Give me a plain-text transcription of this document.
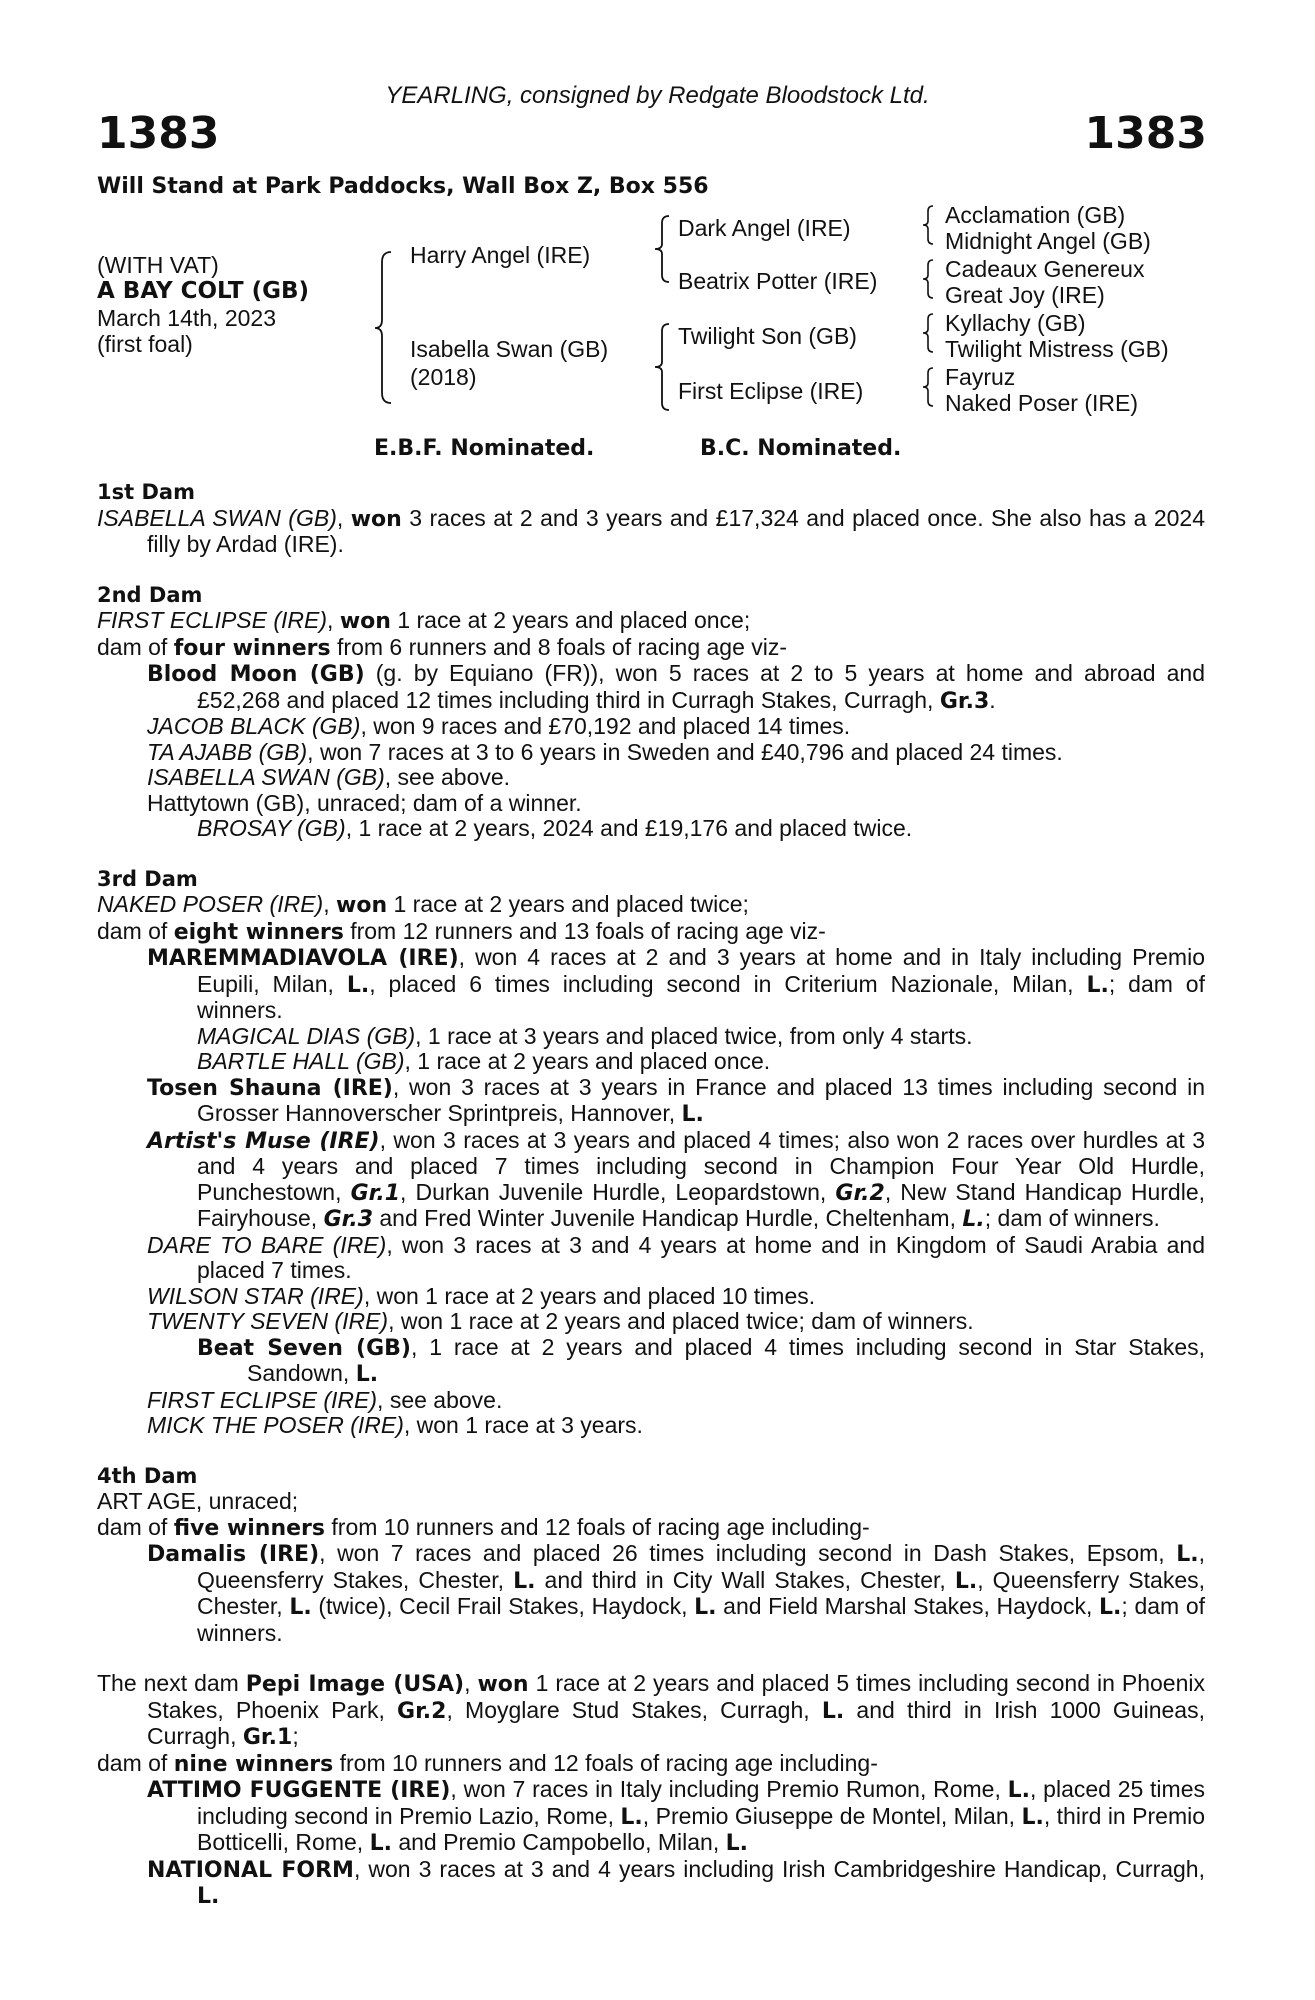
YEARLING, consigned by Redgate Bloodstock Ltd.
1383	1383
Will Stand at Park Paddocks, Wall Box Z, Box 556
(WITH VAT)
A BAY COLT (GB)
March 14th, 2023
(first foal)
Harry Angel (IRE)
Isabella Swan (GB)
(2018)
Dark Angel (IRE)
Beatrix Potter (IRE)
Twilight Son (GB)
First Eclipse (IRE)
Acclamation (GB)
Midnight Angel (GB)
Cadeaux Genereux
Great Joy (IRE)
Kyllachy (GB)
Twilight Mistress (GB)
Fayruz
Naked Poser (IRE)
E.B.F. Nominated.	B.C. Nominated.

1st Dam

ISABELLA SWAN (GB), won 3 races at 2 and 3 years and £17,324 and placed once. She also has a 2024 filly by Ardad (IRE).

2nd Dam

FIRST ECLIPSE (IRE), won 1 race at 2 years and placed once;

dam of four winners from 6 runners and 8 foals of racing age viz-

Blood Moon (GB) (g. by Equiano (FR)), won 5 races at 2 to 5 years at home and abroad and £52,268 and placed 12 times including third in Curragh Stakes, Curragh, Gr.3.

JACOB BLACK (GB), won 9 races and £70,192 and placed 14 times.

TA AJABB (GB), won 7 races at 3 to 6 years in Sweden and £40,796 and placed 24 times.

ISABELLA SWAN (GB), see above.

Hattytown (GB), unraced; dam of a winner.

BROSAY (GB), 1 race at 2 years, 2024 and £19,176 and placed twice.

3rd Dam

NAKED POSER (IRE), won 1 race at 2 years and placed twice;

dam of eight winners from 12 runners and 13 foals of racing age viz-

MAREMMADIAVOLA (IRE), won 4 races at 2 and 3 years at home and in Italy including Premio Eupili, Milan, L., placed 6 times including second in Criterium Nazionale, Milan, L.; dam of winners.

MAGICAL DIAS (GB), 1 race at 3 years and placed twice, from only 4 starts.

BARTLE HALL (GB), 1 race at 2 years and placed once.

Tosen Shauna (IRE), won 3 races at 3 years in France and placed 13 times including second in Grosser Hannoverscher Sprintpreis, Hannover, L.

Artist's Muse (IRE), won 3 races at 3 years and placed 4 times; also won 2 races over hurdles at 3 and 4 years and placed 7 times including second in Champion Four Year Old Hurdle, Punchestown, Gr.1, Durkan Juvenile Hurdle, Leopardstown, Gr.2, New Stand Handicap Hurdle, Fairyhouse, Gr.3 and Fred Winter Juvenile Handicap Hurdle, Cheltenham, L.; dam of winners.

DARE TO BARE (IRE), won 3 races at 3 and 4 years at home and in Kingdom of Saudi Arabia and placed 7 times.

WILSON STAR (IRE), won 1 race at 2 years and placed 10 times.

TWENTY SEVEN (IRE), won 1 race at 2 years and placed twice; dam of winners.

Beat Seven (GB), 1 race at 2 years and placed 4 times including second in Star Stakes, Sandown, L.

FIRST ECLIPSE (IRE), see above.

MICK THE POSER (IRE), won 1 race at 3 years.

4th Dam

ART AGE, unraced;

dam of five winners from 10 runners and 12 foals of racing age including-

Damalis (IRE), won 7 races and placed 26 times including second in Dash Stakes, Epsom, L., Queensferry Stakes, Chester, L. and third in City Wall Stakes, Chester, L., Queensferry Stakes, Chester, L. (twice), Cecil Frail Stakes, Haydock, L. and Field Marshal Stakes, Haydock, L.; dam of winners.

The next dam Pepi Image (USA), won 1 race at 2 years and placed 5 times including second in Phoenix Stakes, Phoenix Park, Gr.2, Moyglare Stud Stakes, Curragh, L. and third in Irish 1000 Guineas, Curragh, Gr.1;

dam of nine winners from 10 runners and 12 foals of racing age including-

ATTIMO FUGGENTE (IRE), won 7 races in Italy including Premio Rumon, Rome, L., placed 25 times including second in Premio Lazio, Rome, L., Premio Giuseppe de Montel, Milan, L., third in Premio Botticelli, Rome, L. and Premio Campobello, Milan, L.

NATIONAL FORM, won 3 races at 3 and 4 years including Irish Cambridgeshire Handicap, Curragh, L.
